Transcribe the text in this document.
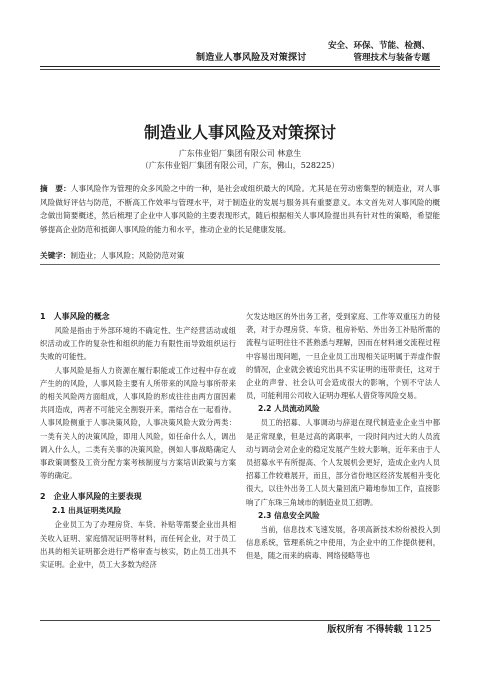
制造业人事风险及对策探讨
安全、环保、节能、检测、
管理技术与装备专题
制造业人事风险及对策探讨
广东伟业铝厂集团有限公司 林意生
（广东伟业铝厂集团有限公司，广东，佛山，528225）
摘　要：人事风险作为管理的众多风险之中的一种，是社会或组织最大的风险。尤其是在劳动密集型的制造业，对人事风险做好评估与防范，不断高工作效率与管理水平，对于制造业的发展与服务具有重要意义。本文首先对人事风险的概念做出简要概述，然后梳理了企业中人事风险的主要表现形式，随后根据相关人事风险提出具有针对性的策略，希望能够提高企业防范和抵御人事风险的能力和水平，推动企业的长足健康发展。
关键字：制造业；人事风险；风险防范对策
1　人事风险的概念

风险是指由于外部环境的不确定性、生产经营活动或组织活动或工作的复杂性和组织的能力有限性而导致组织运行失败的可能性。

人事风险是指人力资源在履行职能或工作过程中存在或产生的的风险，人事风险主要有人所带来的风险与事所带来的相关风险两方面组成，人事风险的形成往往由两方面因素共同造成，两者不可能完全割裂开来，需结合在一起看待。人事风险侧重于人事决策风险，人事决策风险大致分两类：一类有关人的决策风险，即用人风险，如任命什么人，调出调入什么人，二类有关事的决策风险，例如人事战略确定人事政策调整及工资分配方案考核制度与方案培训政策与方案等的确定。

2　企业人事风险的主要表现
2.1 出具证明类风险

企业员工为了办理房贷、车贷、补贴等需要企业出具相关收入证明、家庭情况证明等材料，而任何企业，对于员工出具的相关证明都会进行严格审查与核实，防止员工出具不实证明。企业中，员工大多数为经济

欠发达地区的外出务工者，受到家庭、工作等双重压力的侵袭，对于办理房贷、车贷、租房补贴、外出务工补贴所需的流程与证明往往不甚熟悉与理解，因而在材料递交流程过程中容易出现问题，一旦企业员工出现相关证明属于弄虚作假的情况，企业就会被追究出具不实证明的违带责任，这对于企业的声誉、社会认可会造成很大的影响，个别不守法人员，可能利用公司收入证明办理私人借贷等风险交易。

2.2 人员流动风险

员工的招募、人事调动与辞退在现代制造业企业当中都是正常现象，但是过高的离职率，一段时间内过大的人员流动与调动会对企业的稳定发展产生较大影响，近年来由于人员招募水平有所提高、个人发展机会更好，造成企业内人员招募工作较难展开，而且，部分省份地区经济发展相升变化很大，以往外出务工人员大量回流户籍地参加工作，直接影响了广东珠三角域市的制造业员工招聘。

2.3 信息安全风险

当前，信息技术飞速发展，各项高新技术纷纷被投入到信息系统，管理系统之中使用，为企业中的工作提供便利，但是，随之而来的病毒、网络侵略等也

版权所有 不得转载 1125
